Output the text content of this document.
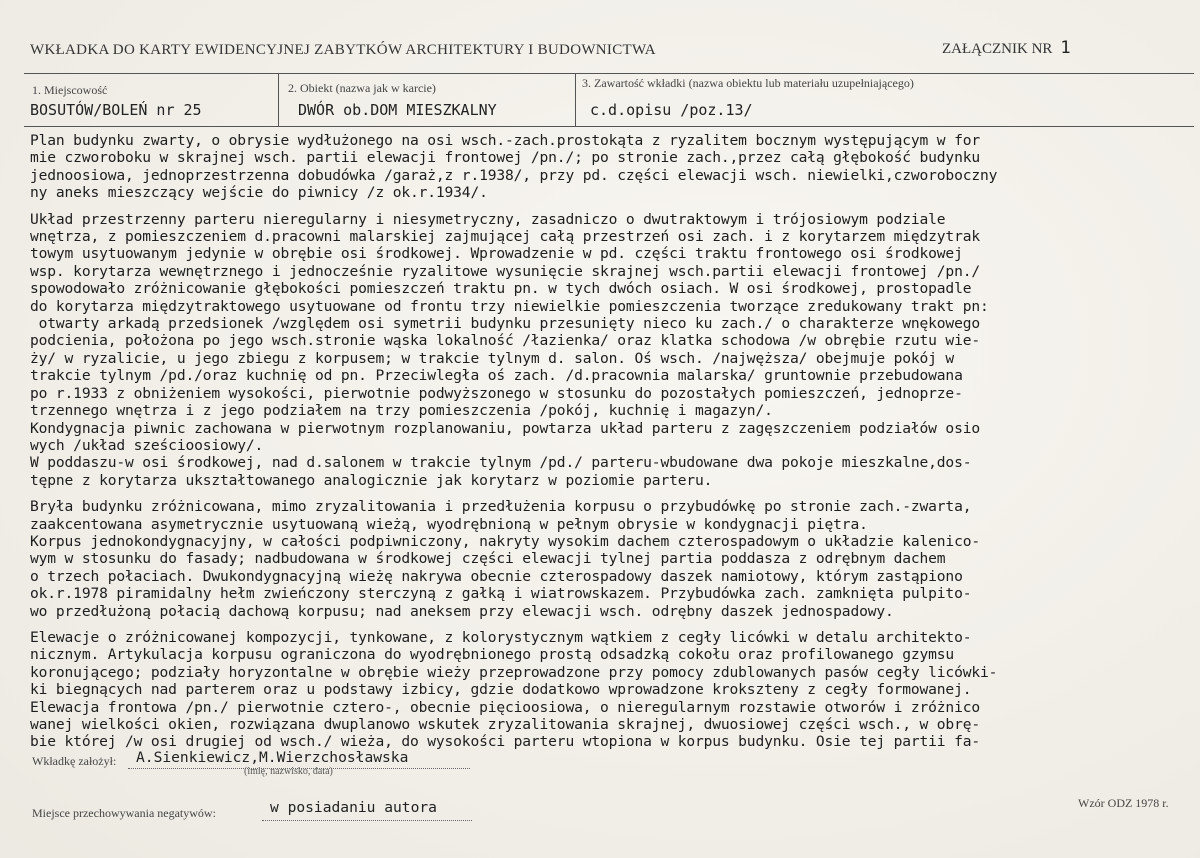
WKŁADKA DO KARTY EWIDENCYJNEJ ZABYTKÓW ARCHITEKTURY I BUDOWNICTWA	ZAŁĄCZNIK NR 1
1. Miejscowość
BOSUTÓW/BOLEŃ nr 25
2. Obiekt (nazwa jak w karcie)
DWÓR ob.DOM MIESZKALNY
3. Zawartość wkładki (nazwa obiektu lub materiału uzupełniającego)
c.d.opisu /poz.13/
Plan budynku zwarty, o obrysie wydłużonego na osi wsch.-zach.prostokąta z ryzalitem bocznym występującym w for
mie czworoboku w skrajnej wsch. partii elewacji frontowej /pn./; po stronie zach.,przez całą głębokość budynku
jednoosiowa, jednoprzestrzenna dobudówka /garaż,z r.1938/, przy pd. części elewacji wsch. niewielki,czworoboczny
ny aneks mieszczący wejście do piwnicy /z ok.r.1934/.
Układ przestrzenny parteru nieregularny i niesymetryczny, zasadniczo o dwutraktowym i trójosiowym podziale
wnętrza, z pomieszczeniem d.pracowni malarskiej zajmującej całą przestrzeń osi zach. i z korytarzem międzytrak
towym usytuowanym jedynie w obrębie osi środkowej. Wprowadzenie w pd. części traktu frontowego osi środkowej
wsp. korytarza wewnętrznego i jednocześnie ryzalitowe wysunięcie skrajnej wsch.partii elewacji frontowej /pn./
spowodowało zróżnicowanie głębokości pomieszczeń traktu pn. w tych dwóch osiach. W osi środkowej, prostopadle
do korytarza międzytraktowego usytuowane od frontu trzy niewielkie pomieszczenia tworzące zredukowany trakt pn:
otwarty arkadą przedsionek /względem osi symetrii budynku przesunięty nieco ku zach./ o charakterze wnękowego
podcienia, położona po jego wsch.stronie wąska lokalność /łazienka/ oraz klatka schodowa /w obrębie rzutu wie-
ży/ w ryzalicie, u jego zbiegu z korpusem; w trakcie tylnym d. salon. Oś wsch. /najwęższa/ obejmuje pokój w
trakcie tylnym /pd./oraz kuchnię od pn. Przeciwległa oś zach. /d.pracownia malarska/ gruntownie przebudowana
po r.1933 z obniżeniem wysokości, pierwotnie podwyższonego w stosunku do pozostałych pomieszczeń, jednoprze-
trzennego wnętrza i z jego podziałem na trzy pomieszczenia /pokój, kuchnię i magazyn/.
Kondygnacja piwnic zachowana w pierwotnym rozplanowaniu, powtarza układ parteru z zagęszczeniem podziałów osio
wych /układ sześcioosiowy/.
W poddaszu-w osi środkowej, nad d.salonem w trakcie tylnym /pd./ parteru-wbudowane dwa pokoje mieszkalne,dos-
tępne z korytarza ukształtowanego analogicznie jak korytarz w poziomie parteru.
Bryła budynku zróżnicowana, mimo zryzalitowania i przedłużenia korpusu o przybudówkę po stronie zach.-zwarta,
zaakcentowana asymetrycznie usytuowaną wieżą, wyodrębnioną w pełnym obrysie w kondygnacji piętra.
Korpus jednokondygnacyjny, w całości podpiwniczony, nakryty wysokim dachem czterospadowym o układzie kalenico-
wym w stosunku do fasady; nadbudowana w środkowej części elewacji tylnej partia poddasza z odrębnym dachem
o trzech połaciach. Dwukondygnacyjną wieżę nakrywa obecnie czterospadowy daszek namiotowy, którym zastąpiono
ok.r.1978 piramidalny hełm zwieńczony sterczyną z gałką i wiatrowskazem. Przybudówka zach. zamknięta pulpito-
wo przedłużoną połacią dachową korpusu; nad aneksem przy elewacji wsch. odrębny daszek jednospadowy.
Elewacje o zróżnicowanej kompozycji, tynkowane, z kolorystycznym wątkiem z cegły licówki w detalu architekto-
nicznym. Artykulacja korpusu ograniczona do wyodrębnionego prostą odsadzką cokołu oraz profilowanego gzymsu
koronującego; podziały horyzontalne w obrębie wieży przeprowadzone przy pomocy zdublowanych pasów cegły licówki-
ki biegnących nad parterem oraz u podstawy izbicy, gdzie dodatkowo wprowadzone krokszteny z cegły formowanej.
Elewacja frontowa /pn./ pierwotnie cztero-, obecnie pięcioosiowa, o nieregularnym rozstawie otworów i zróżnico
wanej wielkości okien, rozwiązana dwuplanowo wskutek zryzalitowania skrajnej, dwuosiowej części wsch., w obrę-
bie której /w osi drugiej od wsch./ wieża, do wysokości parteru wtopiona w korpus budynku. Osie tej partii fa-
Wkładkę założył: A.Sienkiewicz,M.Wierzchosławska
(imię, nazwisko, data)
Miejsce przechowywania negatywów:	w posiadaniu autora	Wzór ODZ 1978 r.
